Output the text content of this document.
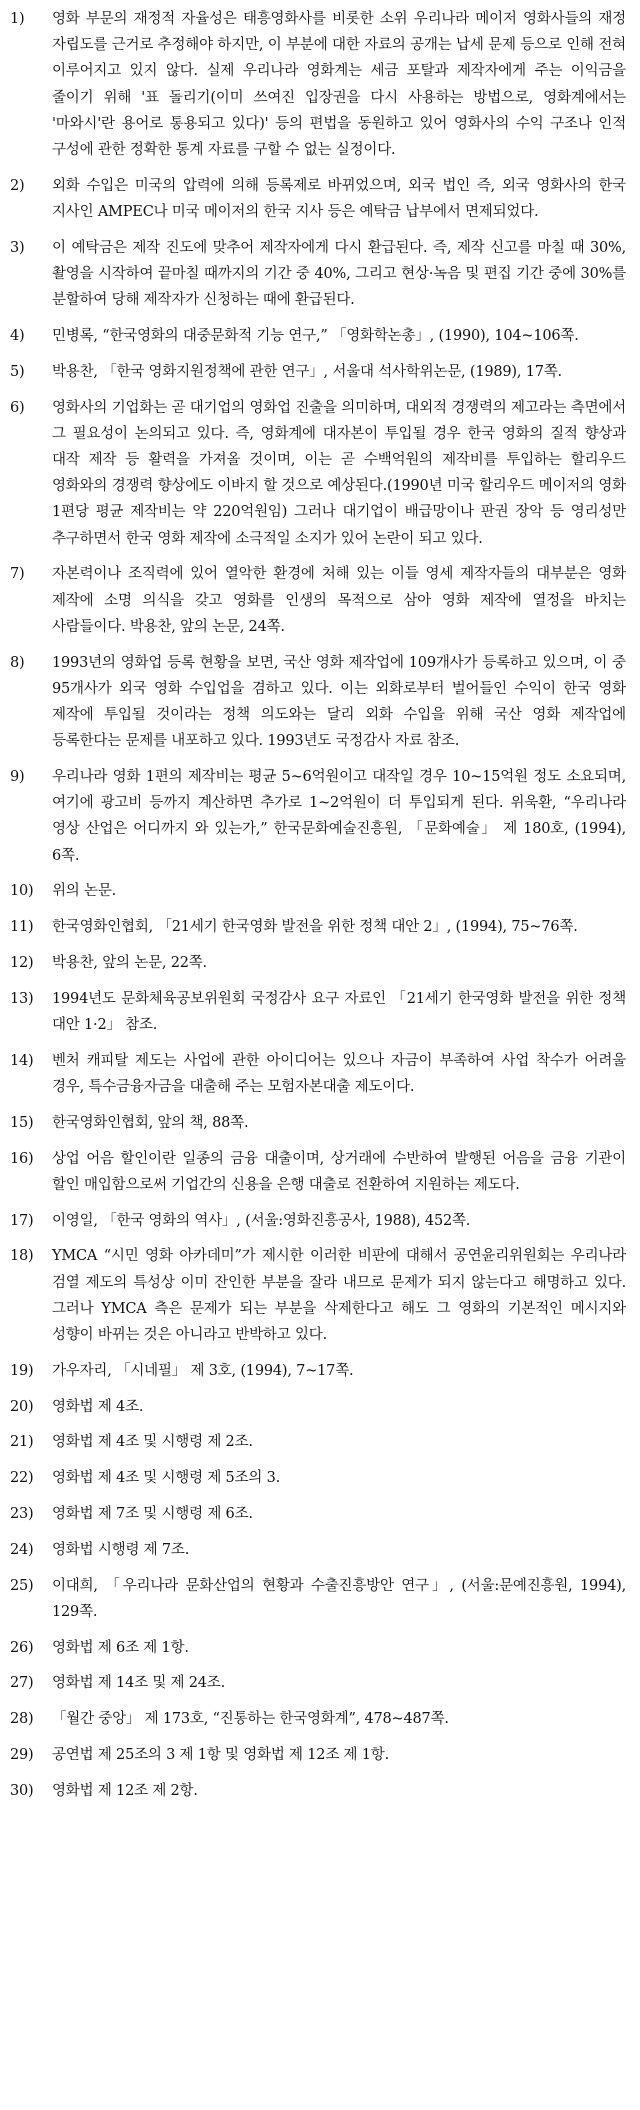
1)	영화 부문의 재정적 자율성은 태흥영화사를 비롯한 소위 우리나라 메이저 영화사들의 재정 자립도를 근거로 추정해야 하지만, 이 부분에 대한 자료의 공개는 납세 문제 등으로 인해 전혀 이루어지고 있지 않다. 실제 우리나라 영화계는 세금 포탈과 제작자에게 주는 이익금을 줄이기 위해 '표 돌리기(이미 쓰여진 입장권을 다시 사용하는 방법으로, 영화계에서는 '마와시'란 용어로 통용되고 있다)' 등의 편법을 동원하고 있어 영화사의 수익 구조나 인적 구성에 관한 정확한 통계 자료를 구할 수 없는 실정이다.
2)	외화 수입은 미국의 압력에 의해 등록제로 바뀌었으며, 외국 법인 즉, 외국 영화사의 한국 지사인 AMPEC나 미국 메이저의 한국 지사 등은 예탁금 납부에서 면제되었다.
3)	이 예탁금은 제작 진도에 맞추어 제작자에게 다시 환급된다. 즉, 제작 신고를 마칠 때 30%, 촬영을 시작하여 끝마칠 때까지의 기간 중 40%, 그리고 현상·녹음 및 편집 기간 중에 30%를 분할하여 당해 제작자가 신청하는 때에 환급된다.
4)	민병록, “한국영화의 대중문화적 기능 연구,” 「영화학논총」, (1990), 104~106쪽.
5)	박용찬, 「한국 영화지원정책에 관한 연구」, 서울대 석사학위논문, (1989), 17쪽.
6)	영화사의 기업화는 곧 대기업의 영화업 진출을 의미하며, 대외적 경쟁력의 제고라는 측면에서 그 필요성이 논의되고 있다. 즉, 영화계에 대자본이 투입될 경우 한국 영화의 질적 향상과 대작 제작 등 활력을 가져올 것이며, 이는 곧 수백억원의 제작비를 투입하는 할리우드 영화와의 경쟁력 향상에도 이바지 할 것으로 예상된다.(1990년 미국 할리우드 메이저의 영화 1편당 평균 제작비는 약 220억원임) 그러나 대기업이 배급망이나 판권 장악 등 영리성만 추구하면서 한국 영화 제작에 소극적일 소지가 있어 논란이 되고 있다.
7)	자본력이나 조직력에 있어 열악한 환경에 처해 있는 이들 영세 제작자들의 대부분은 영화 제작에 소명 의식을 갖고 영화를 인생의 목적으로 삼아 영화 제작에 열정을 바치는 사람들이다. 박용찬, 앞의 논문, 24쪽.
8)	1993년의 영화업 등록 현황을 보면, 국산 영화 제작업에 109개사가 등록하고 있으며, 이 중 95개사가 외국 영화 수입업을 겸하고 있다. 이는 외화로부터 벌어들인 수익이 한국 영화 제작에 투입될 것이라는 정책 의도와는 달리 외화 수입을 위해 국산 영화 제작업에 등록한다는 문제를 내포하고 있다. 1993년도 국정감사 자료 참조.
9)	우리나라 영화 1편의 제작비는 평균 5~6억원이고 대작일 경우 10~15억원 정도 소요되며, 여기에 광고비 등까지 계산하면 추가로 1~2억원이 더 투입되게 된다. 위욱환, “우리나라 영상 산업은 어디까지 와 있는가,” 한국문화예술진흥원, 「문화예술」 제 180호, (1994), 6쪽.
10)	위의 논문.
11)	한국영화인협회, 「21세기 한국영화 발전을 위한 정책 대안 2」, (1994), 75~76쪽.
12)	박용찬, 앞의 논문, 22쪽.
13)	1994년도 문화체육공보위원회 국정감사 요구 자료인 「21세기 한국영화 발전을 위한 정책 대안 1·2」 참조.
14)	벤처 캐피탈 제도는 사업에 관한 아이디어는 있으나 자금이 부족하여 사업 착수가 어려울 경우, 특수금융자금을 대출해 주는 모험자본대출 제도이다.
15)	한국영화인협회, 앞의 책, 88쪽.
16)	상업 어음 할인이란 일종의 금융 대출이며, 상거래에 수반하여 발행된 어음을 금융 기관이 할인 매입함으로써 기업간의 신용을 은행 대출로 전환하여 지원하는 제도다.
17)	이영일, 「한국 영화의 역사」, (서울:영화진흥공사, 1988), 452쪽.
18)	YMCA “시민 영화 아카데미”가 제시한 이러한 비판에 대해서 공연윤리위원회는 우리나라 검열 제도의 특성상 이미 잔인한 부분을 잘라 내므로 문제가 되지 않는다고 해명하고 있다. 그러나 YMCA 측은 문제가 되는 부분을 삭제한다고 해도 그 영화의 기본적인 메시지와 성향이 바뀌는 것은 아니라고 반박하고 있다.
19)	가우자리, 「시네필」 제 3호, (1994), 7~17쪽.
20)	영화법 제 4조.
21)	영화법 제 4조 및 시행령 제 2조.
22)	영화법 제 4조 및 시행령 제 5조의 3.
23)	영화법 제 7조 및 시행령 제 6조.
24)	영화법 시행령 제 7조.
25)	이대희, 「우리나라 문화산업의 현황과 수출진흥방안 연구」, (서울:문예진흥원, 1994), 129쪽.
26)	영화법 제 6조 제 1항.
27)	영화법 제 14조 및 제 24조.
28)	「월간 중앙」 제 173호, “진통하는 한국영화계”, 478~487쪽.
29)	공연법 제 25조의 3 제 1항 및 영화법 제 12조 제 1항.
30)	영화법 제 12조 제 2항.
